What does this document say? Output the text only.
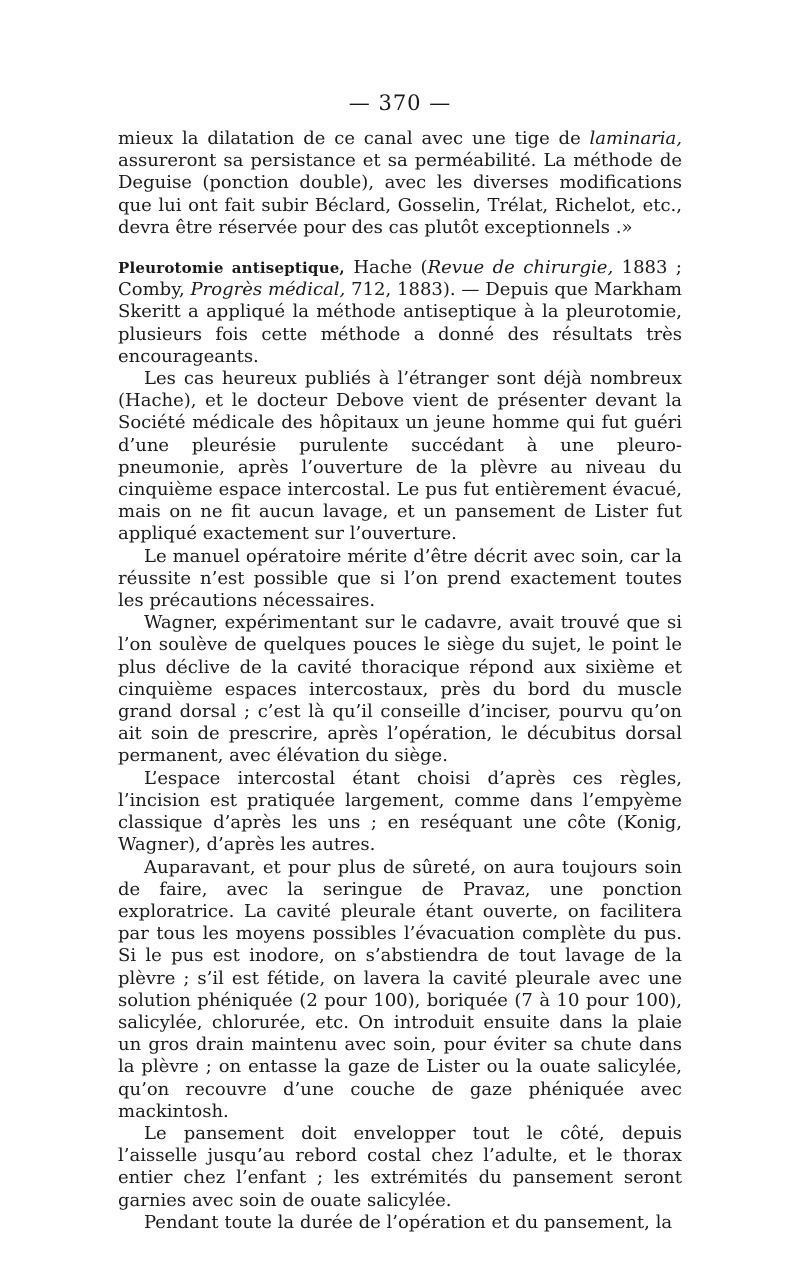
— 370 —

mieux la dilatation de ce canal avec une tige de laminaria, assureront sa persistance et sa perméabilité. La méthode de Deguise (ponction double), avec les diverses modifications que lui ont fait subir Béclard, Gosselin, Trélat, Richelot, etc., devra être réservée pour des cas plutôt exceptionnels .»

Pleurotomie antiseptique, Hache (Revue de chirurgie, 1883 ; Comby, Progrès médical, 712, 1883). — Depuis que Markham Skeritt a appliqué la méthode antiseptique à la pleurotomie, plusieurs fois cette méthode a donné des résultats très encourageants.

Les cas heureux publiés à l’étranger sont déjà nombreux (Hache), et le docteur Debove vient de présenter devant la Société médicale des hôpitaux un jeune homme qui fut guéri d’une pleurésie purulente succédant à une pleuro-pneumonie, après l’ouverture de la plèvre au niveau du cinquième espace intercostal. Le pus fut entièrement évacué, mais on ne fit aucun lavage, et un pansement de Lister fut appliqué exactement sur l’ouverture.

Le manuel opératoire mérite d’être décrit avec soin, car la réussite n’est possible que si l’on prend exactement toutes les précautions nécessaires.

Wagner, expérimentant sur le cadavre, avait trouvé que si l’on soulève de quelques pouces le siège du sujet, le point le plus déclive de la cavité thoracique répond aux sixième et cinquième espaces intercostaux, près du bord du muscle grand dorsal ; c’est là qu’il conseille d’inciser, pourvu qu’on ait soin de prescrire, après l’opération, le décubitus dorsal permanent, avec élévation du siège.

L’espace intercostal étant choisi d’après ces règles, l’incision est pratiquée largement, comme dans l’empyème classique d’après les uns ; en reséquant une côte (Konig, Wagner), d’après les autres.

Auparavant, et pour plus de sûreté, on aura toujours soin de faire, avec la seringue de Pravaz, une ponction exploratrice. La cavité pleurale étant ouverte, on facilitera par tous les moyens possibles l’évacuation complète du pus. Si le pus est inodore, on s’abstiendra de tout lavage de la plèvre ; s’il est fétide, on lavera la cavité pleurale avec une solution phéniquée (2 pour 100), boriquée (7 à 10 pour 100), salicylée, chlorurée, etc. On introduit ensuite dans la plaie un gros drain maintenu avec soin, pour éviter sa chute dans la plèvre ; on entasse la gaze de Lister ou la ouate salicylée, qu’on recouvre d’une couche de gaze phéniquée avec mackintosh.

Le pansement doit envelopper tout le côté, depuis l’aisselle jusqu’au rebord costal chez l’adulte, et le thorax entier chez l’enfant ; les extrémités du pansement seront garnies avec soin de ouate salicylée.

Pendant toute la durée de l’opération et du pansement, la
